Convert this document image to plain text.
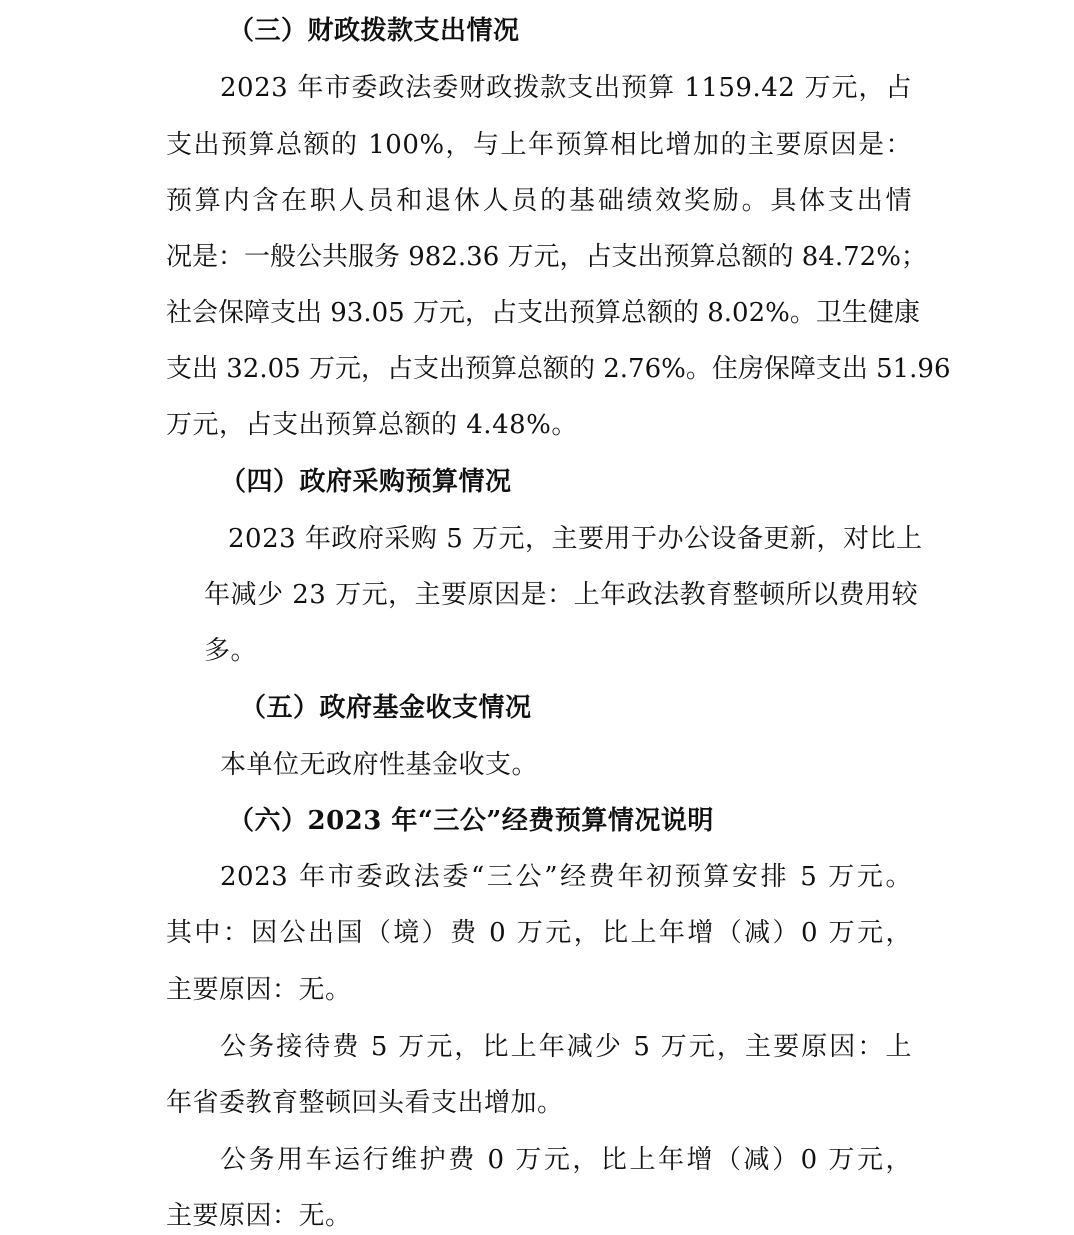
（三）财政拨款支出情况
2023 年市委政法委财政拨款支出预算 1159.42 万元，占
支出预算总额的 100%，与上年预算相比增加的主要原因是：
预算内含在职人员和退休人员的基础绩效奖励。具体支出情
况是：一般公共服务 982.36 万元，占支出预算总额的 84.72%；
社会保障支出 93.05 万元，占支出预算总额的 8.02%。卫生健康
支出 32.05 万元，占支出预算总额的 2.76%。住房保障支出 51.96
万元，占支出预算总额的 4.48%。
（四）政府采购预算情况
2023 年政府采购 5 万元，主要用于办公设备更新，对比上
年减少 23 万元，主要原因是：上年政法教育整顿所以费用较
多。
（五）政府基金收支情况
本单位无政府性基金收支。
（六）2023 年“三公”经费预算情况说明
2023 年市委政法委“三公”经费年初预算安排 5 万元。
其中：因公出国（境）费 0 万元，比上年增（减）0 万元，
主要原因：无。
公务接待费 5 万元，比上年减少 5 万元，主要原因：上
年省委教育整顿回头看支出增加。
公务用车运行维护费 0 万元，比上年增（减）0 万元，
主要原因：无。
